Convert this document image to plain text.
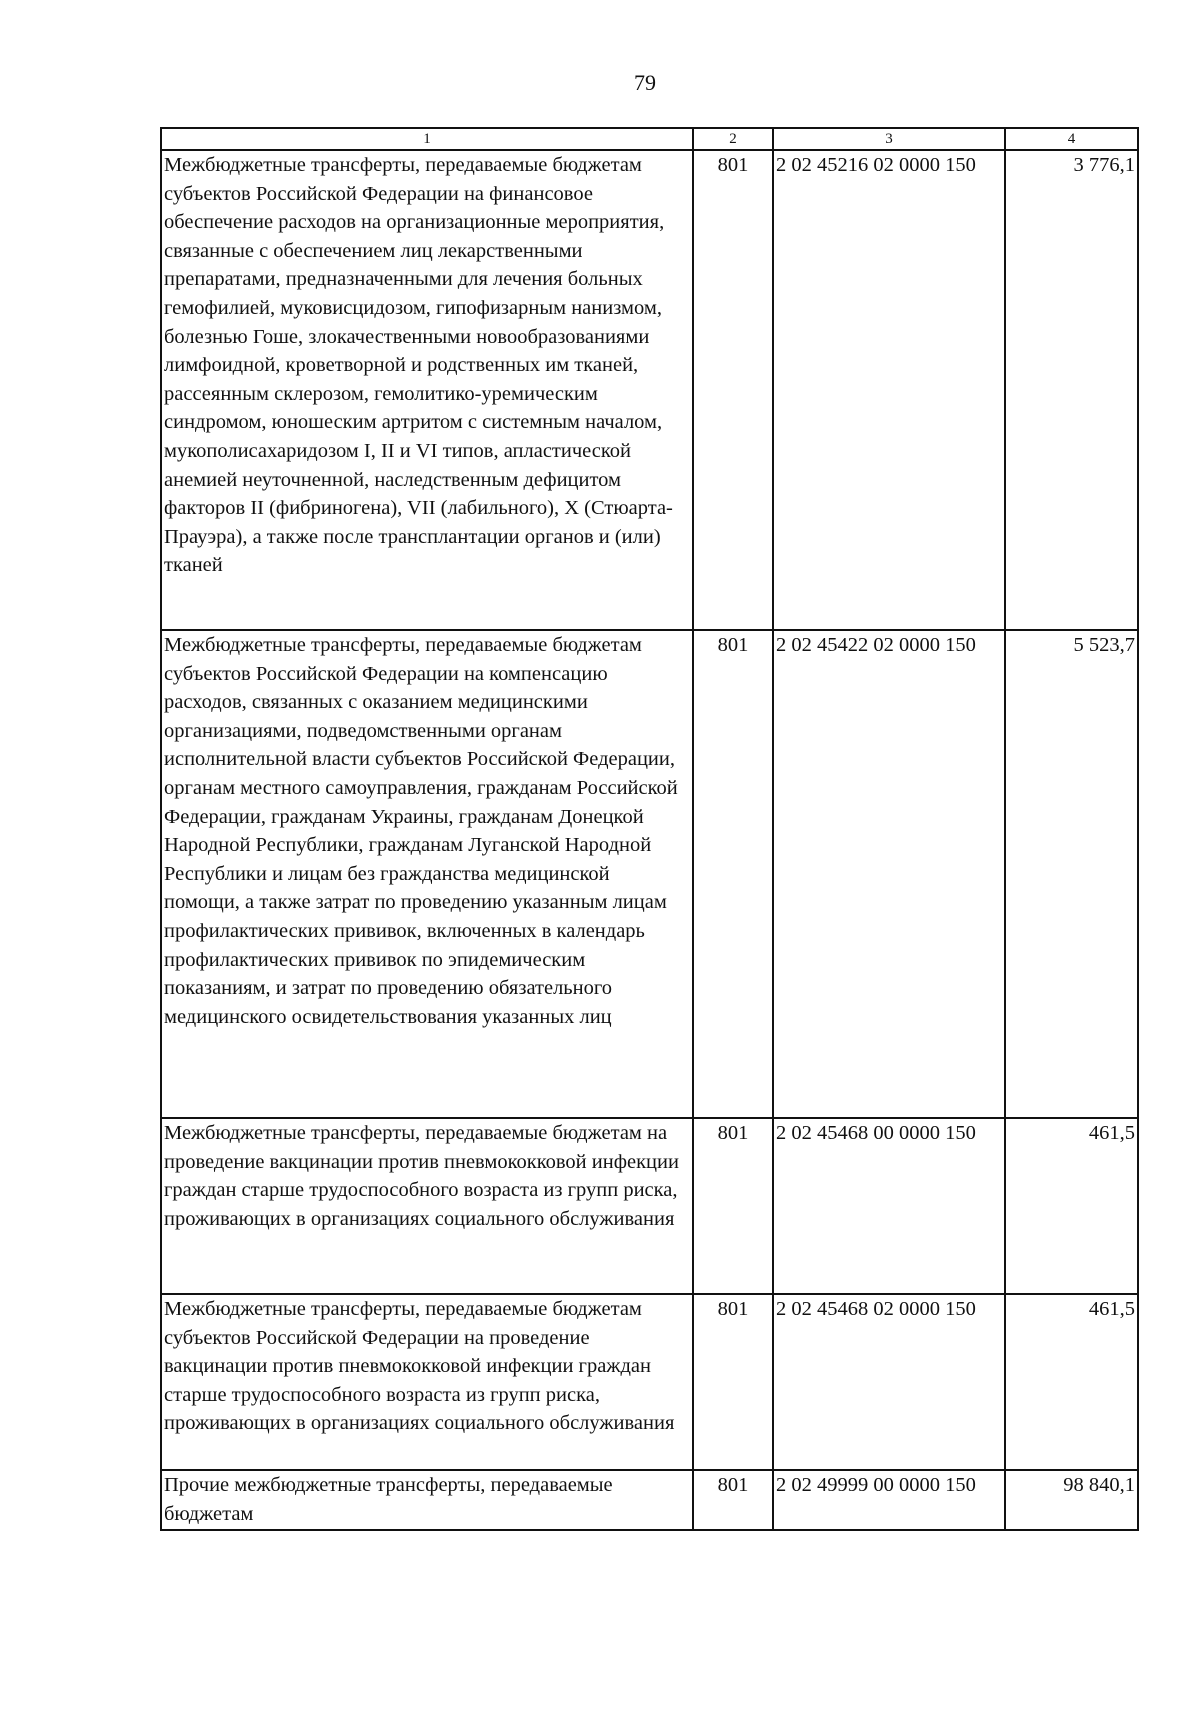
79
1	2	3	4
Межбюджетные трансферты, передаваемые бюджетам субъектов Российской Федерации на финансовое обеспечение расходов на организационные мероприятия, связанные с обеспечением лиц лекарственными препаратами, предназначенными для лечения больных гемофилией, муковисцидозом, гипофизарным нанизмом, болезнью Гоше, злокачественными новообразованиями лимфоидной, кроветворной и родственных им тканей, рассеянным склерозом, гемолитико-уремическим синдромом, юношеским артритом с системным началом, мукополисахаридозом I, II и VI типов, апластической анемией неуточненной, наследственным дефицитом факторов II (фибриногена), VII (лабильного), X (Стюарта-Прауэра), а также после трансплантации органов и (или) тканей	801	2 02 45216 02 0000 150	3 776,1
Межбюджетные трансферты, передаваемые бюджетам субъектов Российской Федерации на компенсацию расходов, связанных с оказанием медицинскими организациями, подведомственными органам исполнительной власти субъектов Российской Федерации, органам местного самоуправления, гражданам Российской Федерации, гражданам Украины, гражданам Донецкой Народной Республики, гражданам Луганской Народной Республики и лицам без гражданства медицинской помощи, а также затрат по проведению указанным лицам профилактических прививок, включенных в календарь профилактических прививок по эпидемическим показаниям, и затрат по проведению обязательного медицинского освидетельствования указанных лиц	801	2 02 45422 02 0000 150	5 523,7
Межбюджетные трансферты, передаваемые бюджетам на проведение вакцинации против пневмококковой инфекции граждан старше трудоспособного возраста из групп риска, проживающих в организациях социального обслуживания	801	2 02 45468 00 0000 150	461,5
Межбюджетные трансферты, передаваемые бюджетам субъектов Российской Федерации на проведение вакцинации против пневмококковой инфекции граждан старше трудоспособного возраста из групп риска, проживающих в организациях социального обслуживания	801	2 02 45468 02 0000 150	461,5
Прочие межбюджетные трансферты, передаваемые бюджетам	801	2 02 49999 00 0000 150	98 840,1
